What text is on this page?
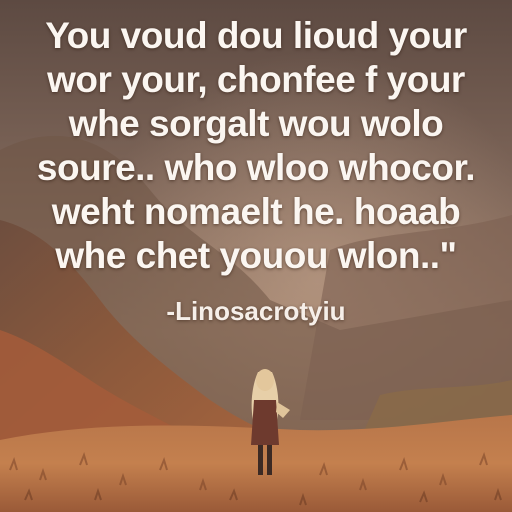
You voud dou lioud your
wor your, chonfee f your
whe sorgalt wou wolo
soure.. who wloo whocor.
weht nomaelt he. hoaab
whe chet youou wlon.."
-Linosacrotyiu
